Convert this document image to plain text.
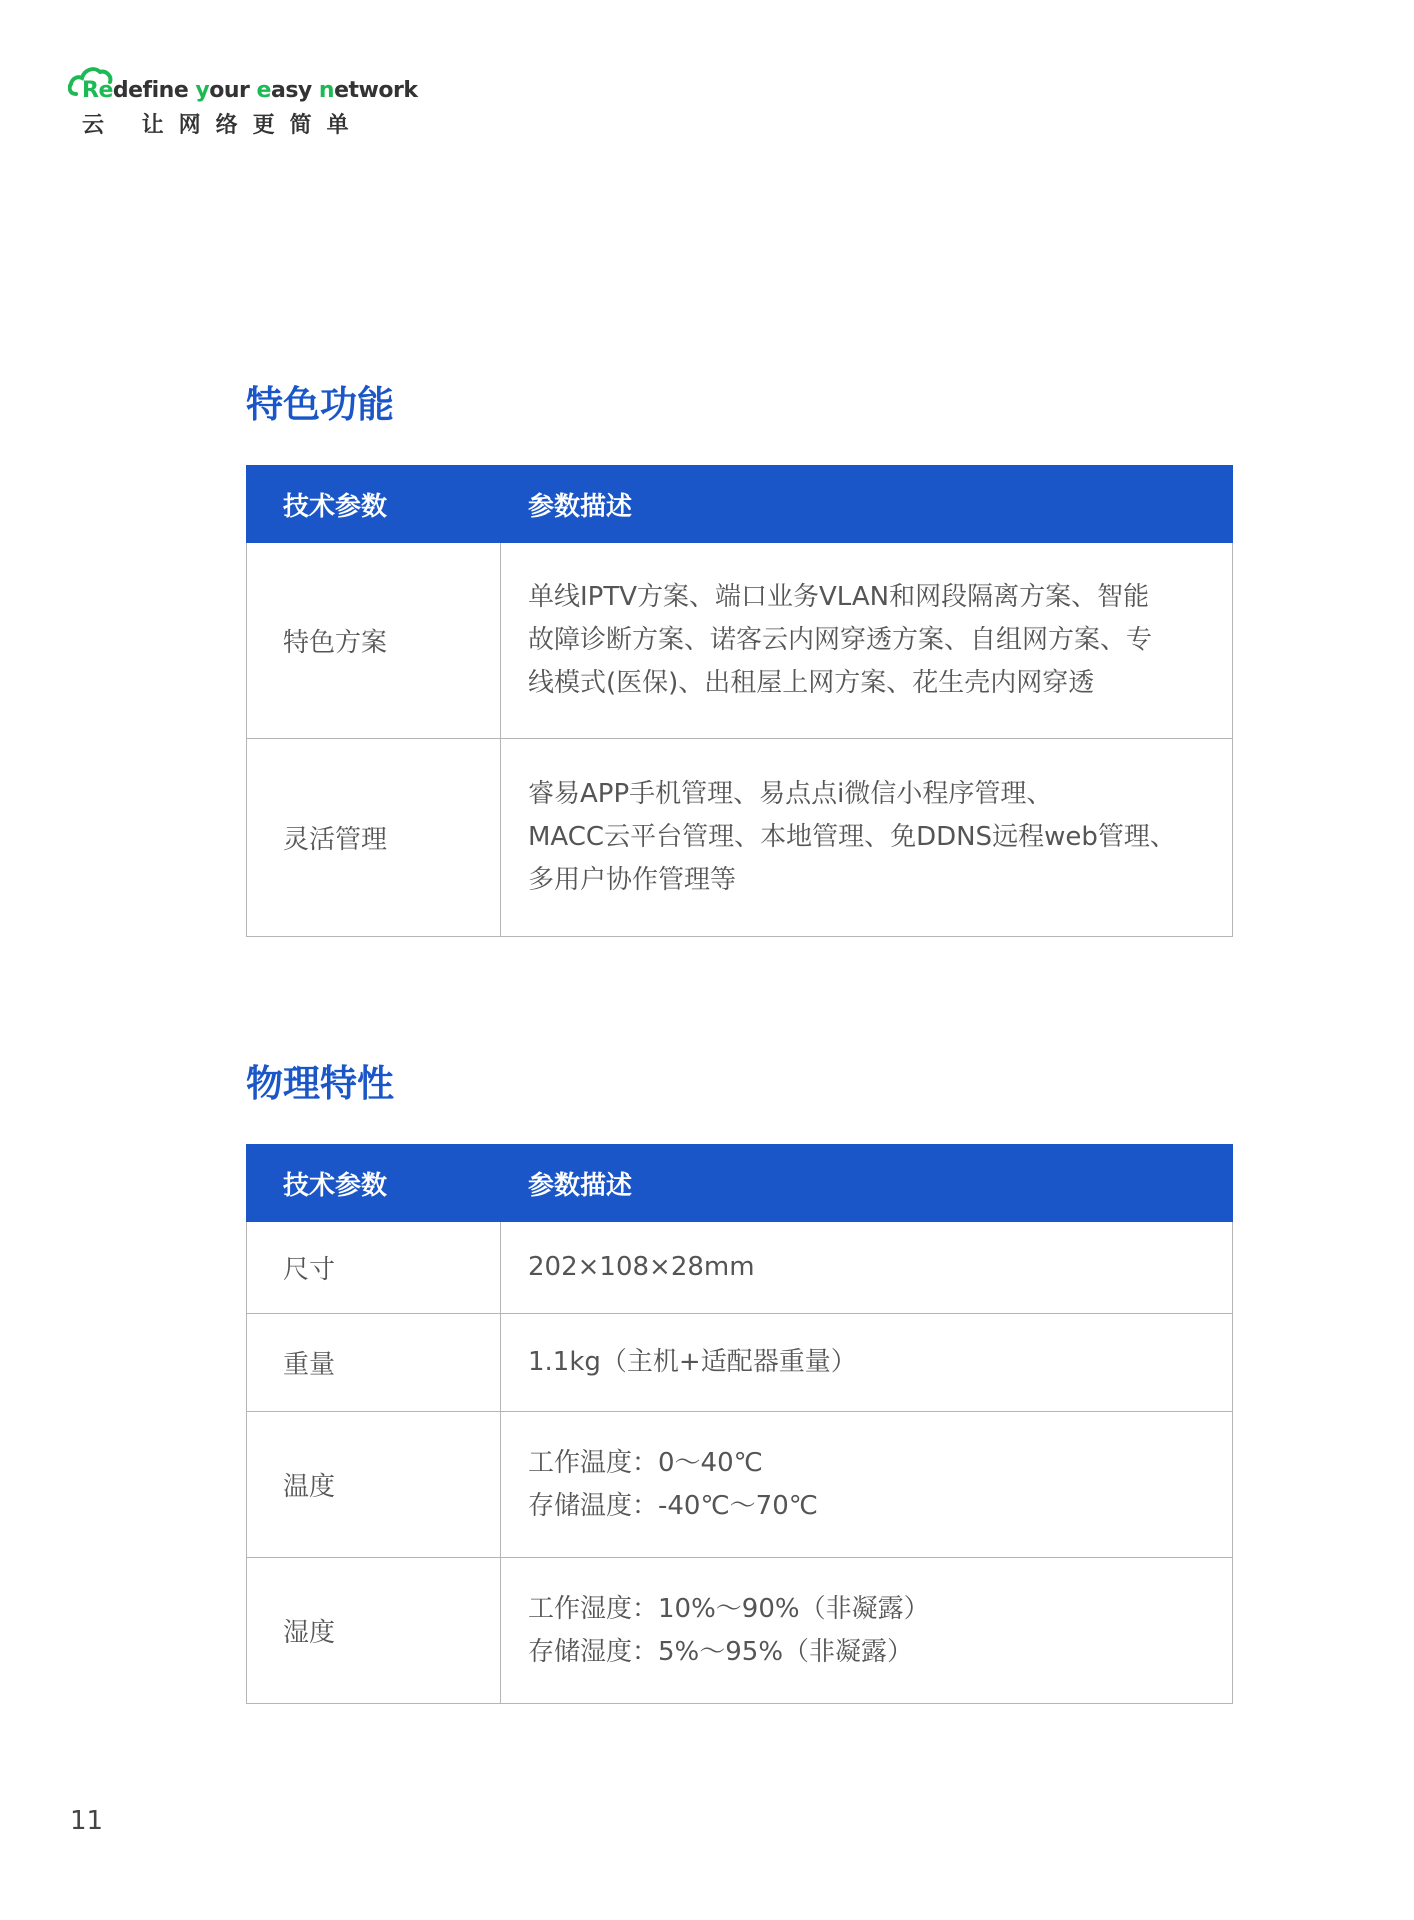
Redefine your easy network
云 让网络更简单
特色功能
技术参数	参数描述
特色方案	单线IPTV方案、端口业务VLAN和网段隔离方案、智能
故障诊断方案、诺客云内网穿透方案、自组网方案、专
线模式(医保)、出租屋上网方案、花生壳内网穿透

灵活管理	睿易APP手机管理、易点点i微信小程序管理、
MACC云平台管理、本地管理、免DDNS远程web管理、
多用户协作管理等
物理特性
技术参数	参数描述
尺寸	202×108×28mm

重量	1.1kg（主机+适配器重量）

温度	工作温度：0～40℃
存储温度：-40℃～70℃

湿度	工作湿度：10%～90%（非凝露）
存储湿度：5%～95%（非凝露）
11
